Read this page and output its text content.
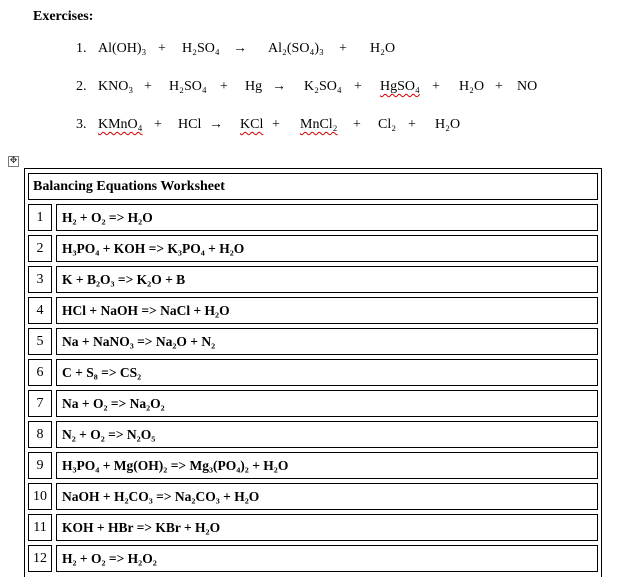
Exercises:
1. Al(OH)₃ + H₂SO₄ → Al₂(SO₄)₃ + H₂O
2. KNO₃ + H₂SO₄ + Hg → K₂SO₄ + HgSO₄ + H₂O + NO
3. KMnO₄ + HCl → KCl + MnCl₂ + Cl₂ + H₂O
✥
Balancing Equations Worksheet
1	H₂ + O₂ => H₂O
2	H₃PO₄ + KOH => K₃PO₄ + H₂O
3	K + B₂O₃ => K₂O + B
4	HCl + NaOH => NaCl + H₂O
5	Na + NaNO₃ => Na₂O + N₂
6	C + S₈ => CS₂
7	Na + O₂ => Na₂O₂
8	N₂ + O₂ => N₂O₅
9	H₃PO₄ + Mg(OH)₂ => Mg₃(PO₄)₂ + H₂O
10	NaOH + H₂CO₃ => Na₂CO₃ + H₂O
11	KOH + HBr => KBr + H₂O
12	H₂ + O₂ => H₂O₂
